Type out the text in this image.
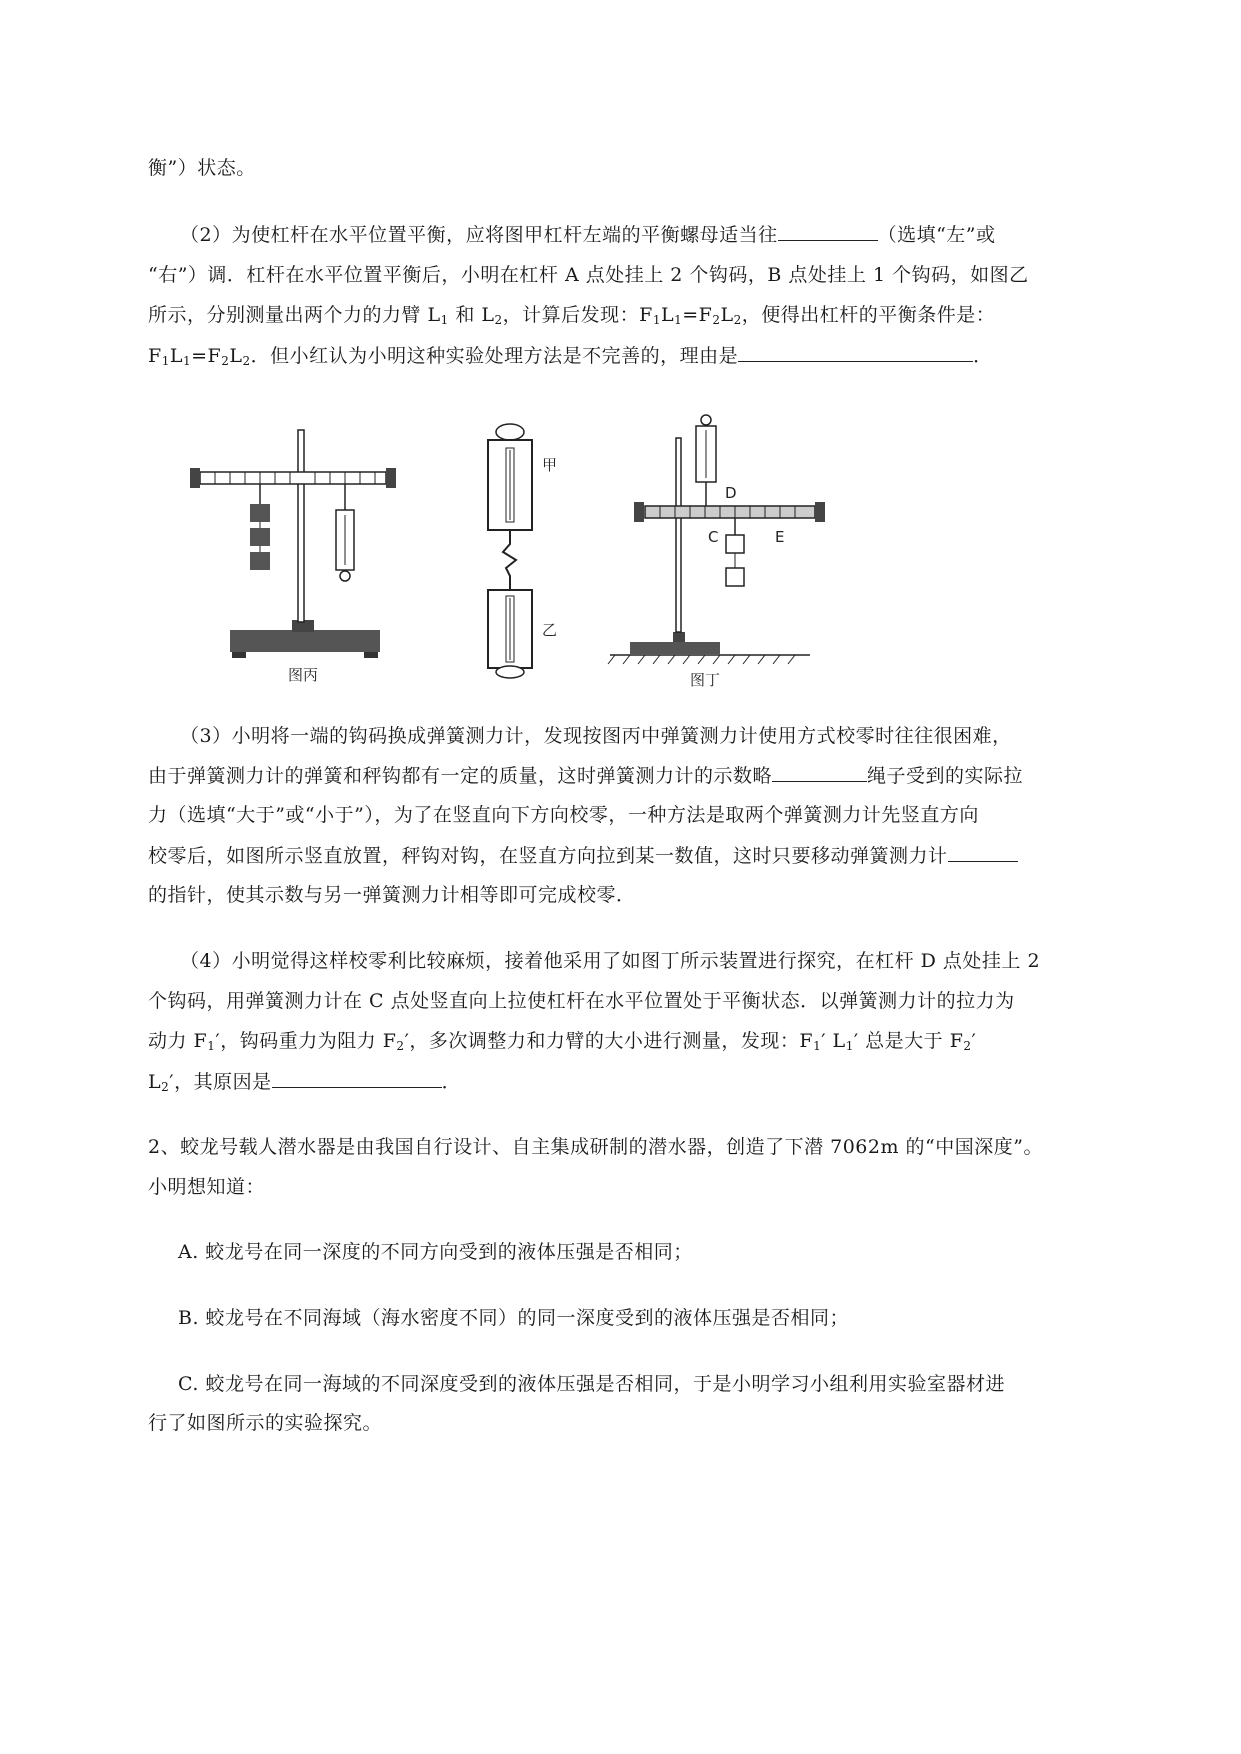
衡”）状态。
（2）为使杠杆在水平位置平衡，应将图甲杠杆左端的平衡螺母适当往	（选填“左”或
“右”）调．杠杆在水平位置平衡后，小明在杠杆 A 点处挂上 2 个钩码，B 点处挂上 1 个钩码，如图乙
所示，分别测量出两个力的力臂 $L_1$ 和 $L_2$，计算后发现：$F_1L_1=F_2L_2$，便得出杠杆的平衡条件是：
$F_1L_1=F_2L_2$．但小红认为小明这种实验处理方法是不完善的，理由是	．
图丙
甲
乙
D
C	E
图丁
（3）小明将一端的钩码换成弹簧测力计，发现按图丙中弹簧测力计使用方式校零时往往很困难，
由于弹簧测力计的弹簧和秤钩都有一定的质量，这时弹簧测力计的示数略	绳子受到的实际拉
力（选填“大于”或“小于”），为了在竖直向下方向校零，一种方法是取两个弹簧测力计先竖直方向
校零后，如图所示竖直放置，秤钩对钩，在竖直方向拉到某一数值，这时只要移动弹簧测力计
的指针，使其示数与另一弹簧测力计相等即可完成校零．
（4）小明觉得这样校零利比较麻烦，接着他采用了如图丁所示装置进行探究，在杠杆 D 点处挂上 2
个钩码，用弹簧测力计在 C 点处竖直向上拉使杠杆在水平位置处于平衡状态．以弹簧测力计的拉力为
动力 $F_1'$，钩码重力为阻力 $F_2'$，多次调整力和力臂的大小进行测量，发现：$F_1'$ $L_1'$ 总是大于 $F_2'$
$L_2'$，其原因是	．
2、蛟龙号载人潜水器是由我国自行设计、自主集成研制的潜水器，创造了下潜 7062m 的“中国深度”。
小明想知道：
A. 蛟龙号在同一深度的不同方向受到的液体压强是否相同；
B. 蛟龙号在不同海域（海水密度不同）的同一深度受到的液体压强是否相同；
C. 蛟龙号在同一海域的不同深度受到的液体压强是否相同，于是小明学习小组利用实验室器材进
行了如图所示的实验探究。
